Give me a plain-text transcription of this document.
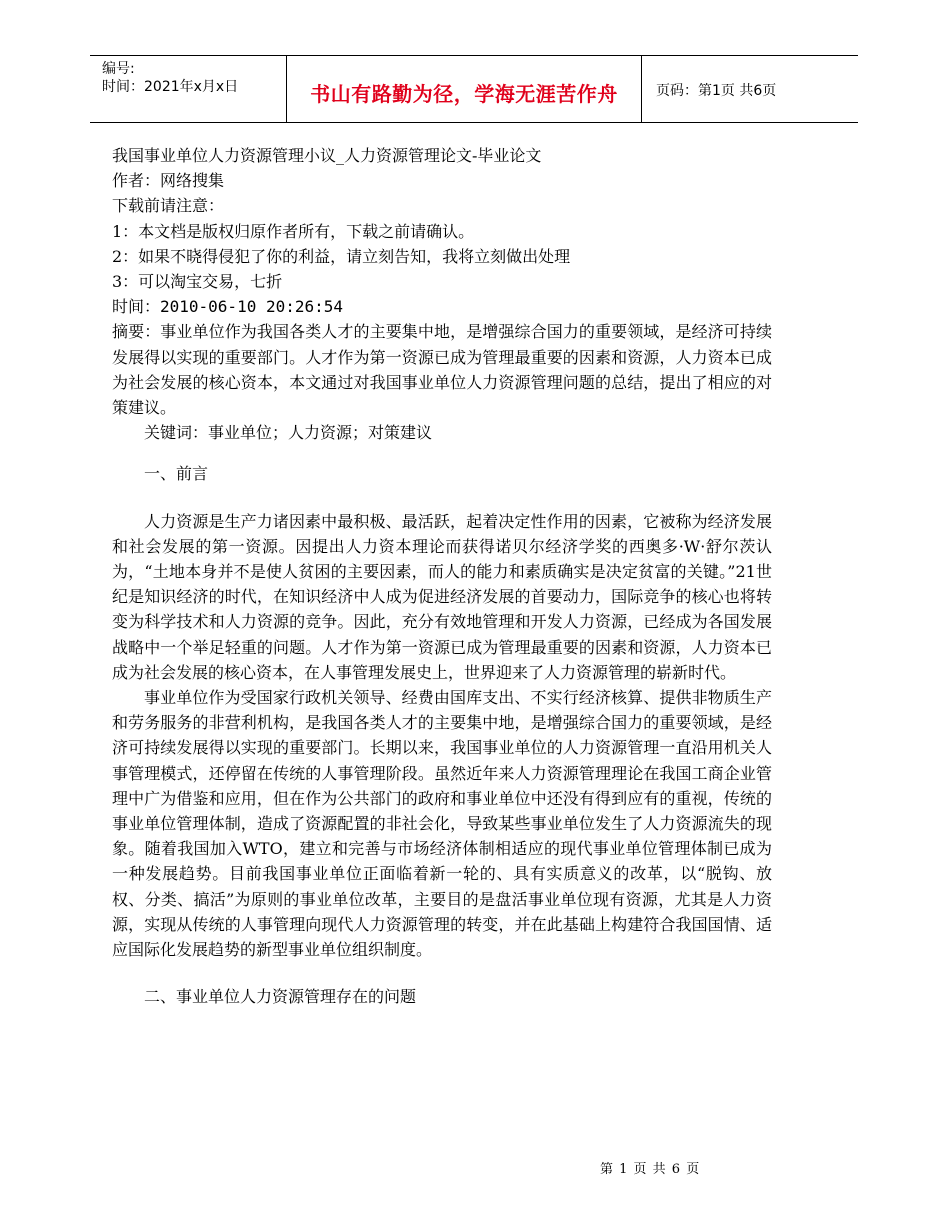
编号:
时间：2021年x月x日	书山有路勤为径，学海无涯苦作舟	页码：第1页 共6页

我国事业单位人力资源管理小议_人力资源管理论文-毕业论文

作者：网络搜集

下载前请注意：

1：本文档是版权归原作者所有，下载之前请确认。

2：如果不晓得侵犯了你的利益，请立刻告知，我将立刻做出处理

3：可以淘宝交易，七折

时间：2010-06-10 20:26:54

摘要：事业单位作为我国各类人才的主要集中地，是增强综合国力的重要领域，是经济可持续发展得以实现的重要部门。人才作为第一资源已成为管理最重要的因素和资源，人力资本已成为社会发展的核心资本，本文通过对我国事业单位人力资源管理问题的总结，提出了相应的对策建议。

关键词：事业单位；人力资源；对策建议

一、前言

人力资源是生产力诸因素中最积极、最活跃，起着决定性作用的因素，它被称为经济发展和社会发展的第一资源。因提出人力资本理论而获得诺贝尔经济学奖的西奥多·W·舒尔茨认为，“土地本身并不是使人贫困的主要因素，而人的能力和素质确实是决定贫富的关键。”21世纪是知识经济的时代，在知识经济中人成为促进经济发展的首要动力，国际竞争的核心也将转变为科学技术和人力资源的竞争。因此，充分有效地管理和开发人力资源，已经成为各国发展战略中一个举足轻重的问题。人才作为第一资源已成为管理最重要的因素和资源，人力资本已成为社会发展的核心资本，在人事管理发展史上，世界迎来了人力资源管理的崭新时代。

事业单位作为受国家行政机关领导、经费由国库支出、不实行经济核算、提供非物质生产和劳务服务的非营利机构，是我国各类人才的主要集中地，是增强综合国力的重要领域，是经济可持续发展得以实现的重要部门。长期以来，我国事业单位的人力资源管理一直沿用机关人事管理模式，还停留在传统的人事管理阶段。虽然近年来人力资源管理理论在我国工商企业管理中广为借鉴和应用，但在作为公共部门的政府和事业单位中还没有得到应有的重视，传统的事业单位管理体制，造成了资源配置的非社会化，导致某些事业单位发生了人力资源流失的现象。随着我国加入WTO，建立和完善与市场经济体制相适应的现代事业单位管理体制已成为一种发展趋势。目前我国事业单位正面临着新一轮的、具有实质意义的改革，以“脱钩、放权、分类、搞活”为原则的事业单位改革，主要目的是盘活事业单位现有资源，尤其是人力资源，实现从传统的人事管理向现代人力资源管理的转变，并在此基础上构建符合我国国情、适应国际化发展趋势的新型事业单位组织制度。

二、事业单位人力资源管理存在的问题

第 1 页 共 6 页
